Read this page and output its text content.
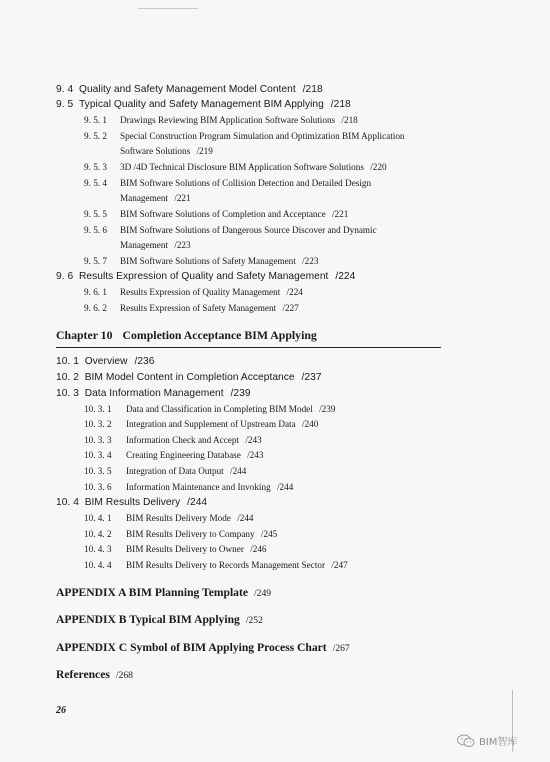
9. 4 Quality and Safety Management Model Content /218
9. 5 Typical Quality and Safety Management BIM Applying /218
9. 5. 1 Drawings Reviewing BIM Application Software Solutions /218
9. 5. 2 Special Construction Program Simulation and Optimization BIM Application
Software Solutions /219
9. 5. 3 3D /4D Technical Disclosure BIM Application Software Solutions /220
9. 5. 4 BIM Software Solutions of Collision Detection and Detailed Design
Management /221
9. 5. 5 BIM Software Solutions of Completion and Acceptance /221
9. 5. 6 BIM Software Solutions of Dangerous Source Discover and Dynamic
Management /223
9. 5. 7 BIM Software Solutions of Safety Management /223
9. 6 Results Expression of Quality and Safety Management /224
9. 6. 1 Results Expression of Quality Management /224
9. 6. 2 Results Expression of Safety Management /227
Chapter 10 Completion Acceptance BIM Applying
10. 1 Overview /236
10. 2 BIM Model Content in Completion Acceptance /237
10. 3 Data Information Management /239
10. 3. 1 Data and Classification in Completing BIM Model /239
10. 3. 2 Integration and Supplement of Upstream Data /240
10. 3. 3 Information Check and Accept /243
10. 3. 4 Creating Engineering Database /243
10. 3. 5 Integration of Data Output /244
10. 3. 6 Information Maintenance and Invoking /244
10. 4 BIM Results Delivery /244
10. 4. 1 BIM Results Delivery Mode /244
10. 4. 2 BIM Results Delivery to Company /245
10. 4. 3 BIM Results Delivery to Owner /246
10. 4. 4 BIM Results Delivery to Records Management Sector /247
APPENDIX A BIM Planning Template /249
APPENDIX B Typical BIM Applying /252
APPENDIX C Symbol of BIM Applying Process Chart /267
References /268
26
BIM智库
